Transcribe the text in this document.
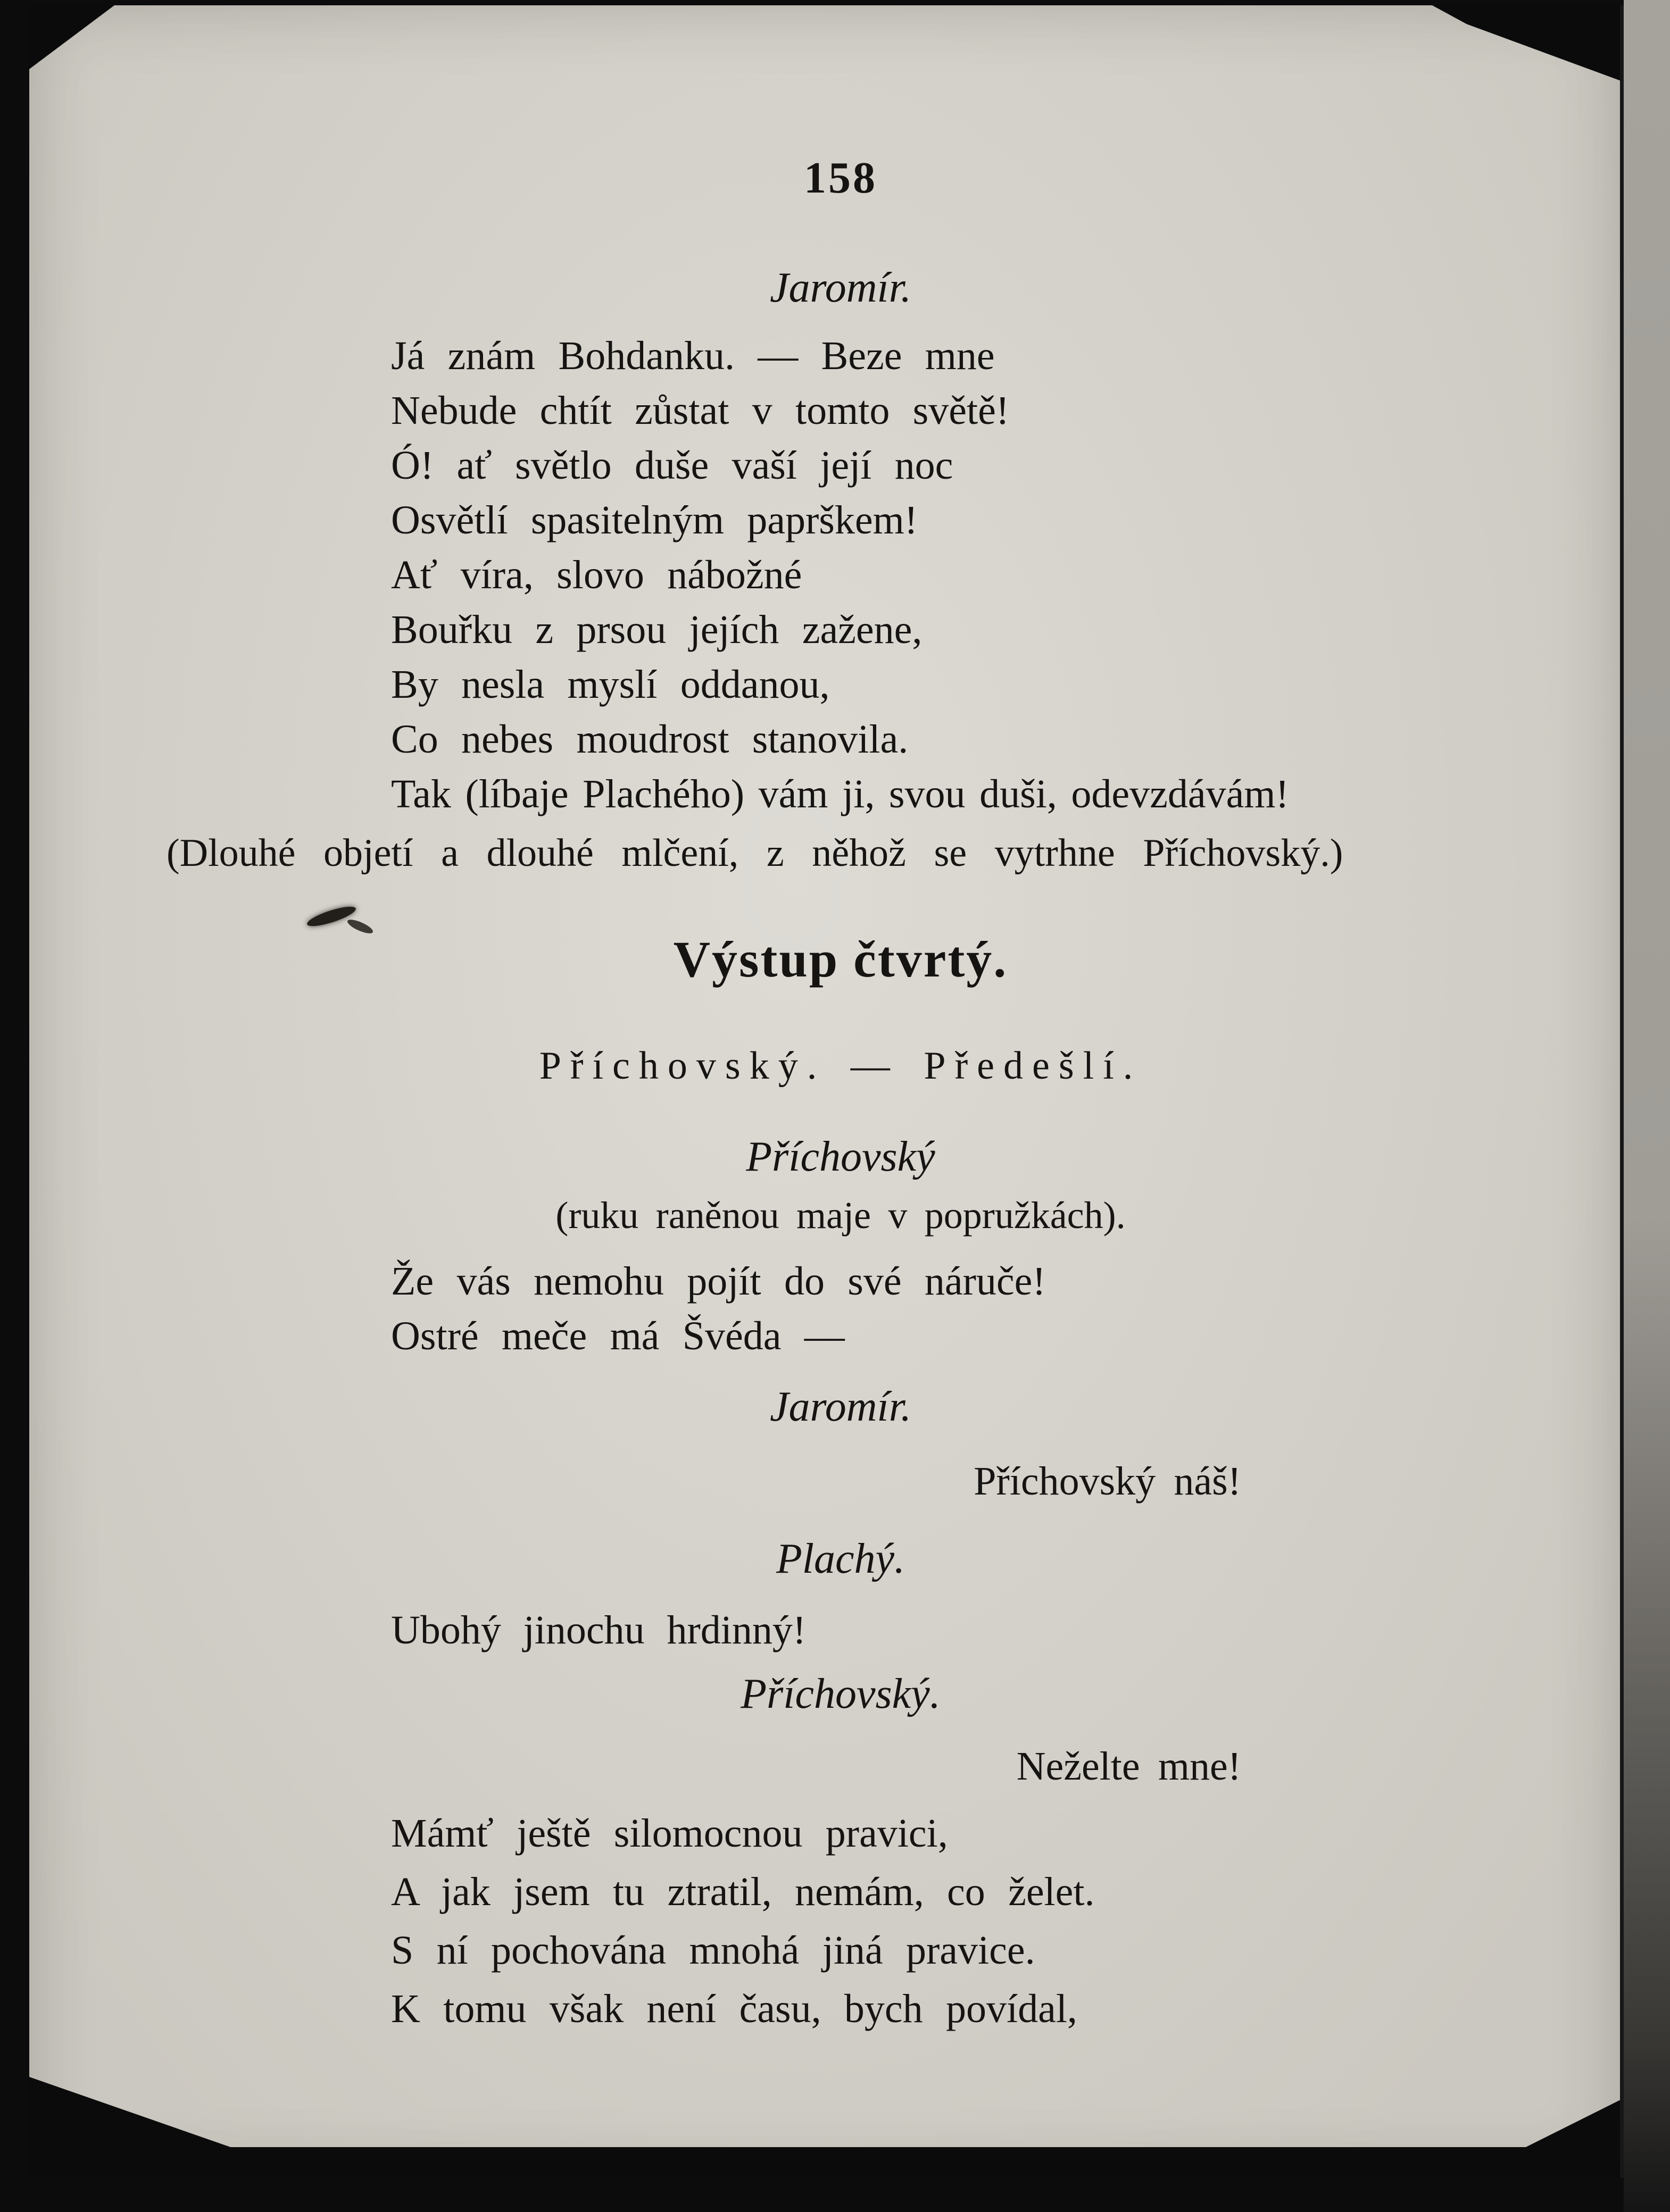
158
Jaromír.
Já znám Bohdanku. — Beze mne
Nebude chtít zůstat v tomto světě!
Ó! ať světlo duše vaší její noc
Osvětlí spasitelným paprškem!
Ať víra, slovo nábožné
Bouřku z prsou jejích zažene,
By nesla myslí oddanou,
Co nebes moudrost stanovila.
Tak (líbaje Plachého) vám ji, svou duši, odevzdávám!
(Dlouhé objetí a dlouhé mlčení, z něhož se vytrhne Příchovský.)
Výstup čtvrtý.
Příchovský. — Předešlí.
Příchovský
(ruku raněnou maje v popružkách).
Že vás nemohu pojít do své náruče!
Ostré meče má Švéda —
Jaromír.
Příchovský náš!
Plachý.
Ubohý jinochu hrdinný!
Příchovský.
Neželte mne!
Mámť ještě silomocnou pravici,
A jak jsem tu ztratil, nemám, co želet.
S ní pochována mnohá jiná pravice.
K tomu však není času, bych povídal,
